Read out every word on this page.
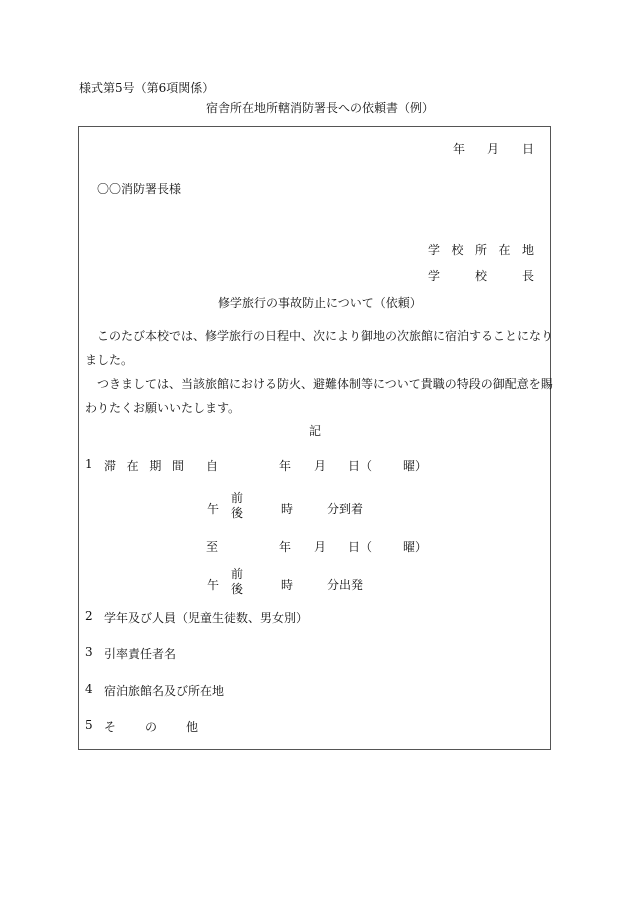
様式第5号（第6項関係）
宿舎所在地所轄消防署長への依頼書（例）
年 月 日
〇〇消防署長様
学 校 所 在 地
学	校	長
修学旅行の事故防止について（依頼）
このたび本校では、修学旅行の日程中、次により御地の次旅館に宿泊することになり
ました。
つきましては、当該旅館における防火、避難体制等について貴職の特段の御配意を賜
わりたくお願いいたします。
記
1 滞 在 期 間 自	年 月 日（	曜）
午
前
後	時	分到着
至	年 月 日（	曜）
午
前
後	時	分出発
2 学年及び人員（児童生徒数、男女別）
3 引率責任者名
4 宿泊旅館名及び所在地
5 そ の 他
